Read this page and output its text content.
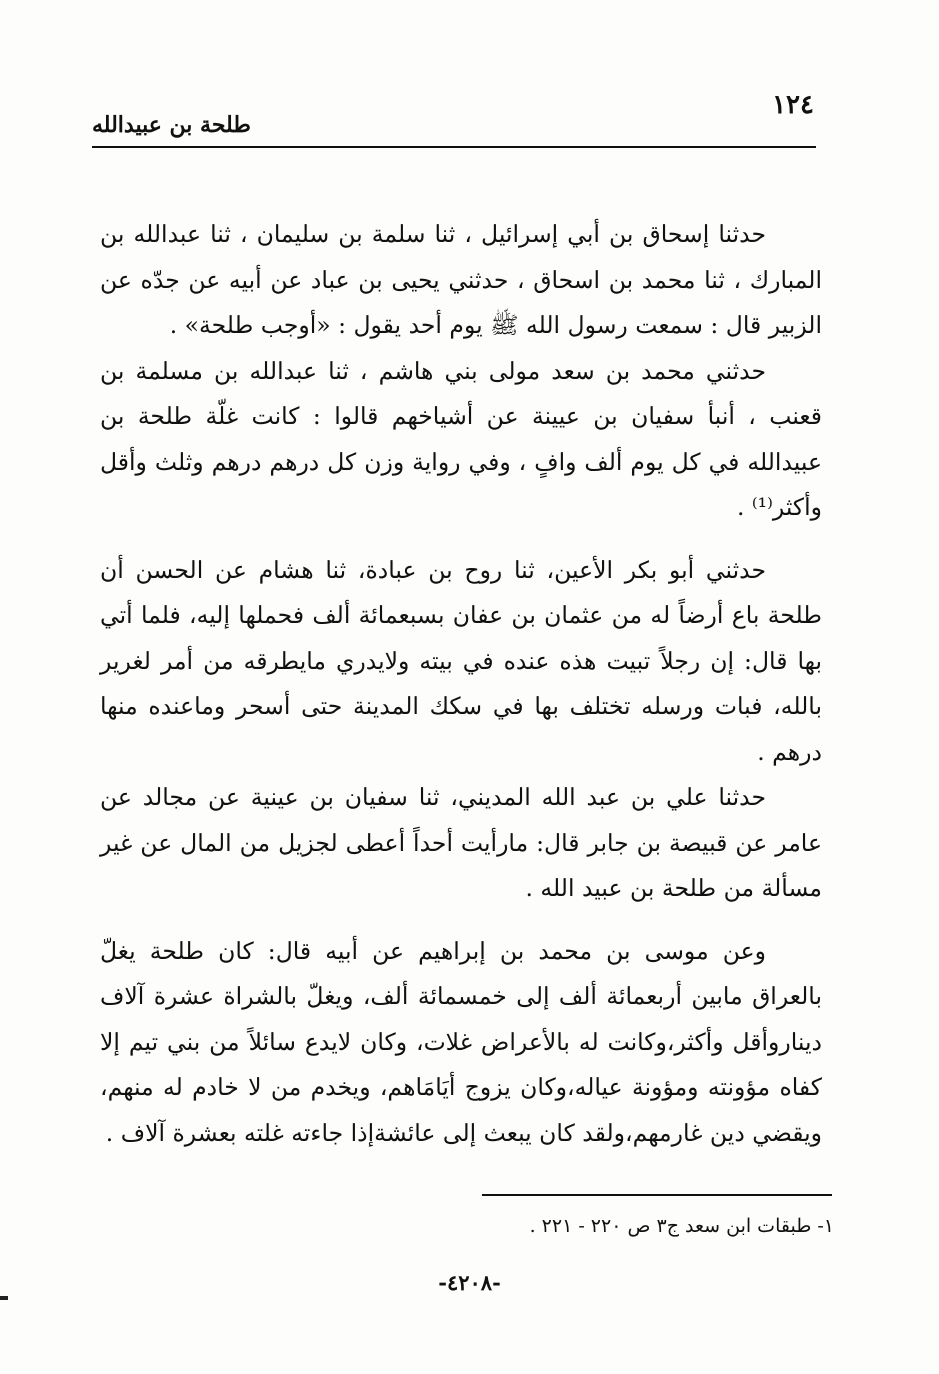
١٢٤
طلحة بن عبيدالله

حدثنا إسحاق بن أبي إسرائيل ، ثنا سلمة بن سليمان ، ثنا عبدالله بن المبارك ، ثنا محمد بن اسحاق ، حدثني يحيى بن عباد عن أبيه عن جدّه عن الزبير قال : سمعت رسول الله ﷺ يوم أحد يقول : «أوجب طلحة» .

حدثني محمد بن سعد مولى بني هاشم ، ثنا عبدالله بن مسلمة بن قعنب ، أنبأ سفيان بن عيينة عن أشياخهم قالوا : كانت غلّة طلحة بن عبيدالله في كل يوم ألف وافٍ ، وفي رواية وزن كل درهم درهم وثلث وأقل وأكثر⁽¹⁾ .

حدثني أبو بكر الأعين، ثنا روح بن عبادة، ثنا هشام عن الحسن أن طلحة باع أرضاً له من عثمان بن عفان بسبعمائة ألف فحملها إليه، فلما أتي بها قال: إن رجلاً تبيت هذه عنده في بيته ولايدري مايطرقه من أمر لغرير بالله، فبات ورسله تختلف بها في سكك المدينة حتى أسحر وماعنده منها درهم .

حدثنا علي بن عبد الله المديني، ثنا سفيان بن عينية عن مجالد عن عامر عن قبيصة بن جابر قال: مارأيت أحداً أعطى لجزيل من المال عن غير مسألة من طلحة بن عبيد الله .

وعن موسى بن محمد بن إبراهيم عن أبيه قال: كان طلحة يغلّ بالعراق مابين أربعمائة ألف إلى خمسمائة ألف، ويغلّ بالشراة عشرة آلاف ديناروأقل وأكثر،وكانت له بالأعراض غلات، وكان لايدع سائلاً من بني تيم إلا كفاه مؤونته ومؤونة عياله،وكان يزوج أيَامَاهم، ويخدم من لا خادم له منهم، ويقضي دين غارمهم،ولقد كان يبعث إلى عائشةإذا جاءته غلته بعشرة آلاف .

١- طبقات ابن سعد ج٣ ص ٢٢٠ - ٢٢١ .
-٤٢٠٨-
